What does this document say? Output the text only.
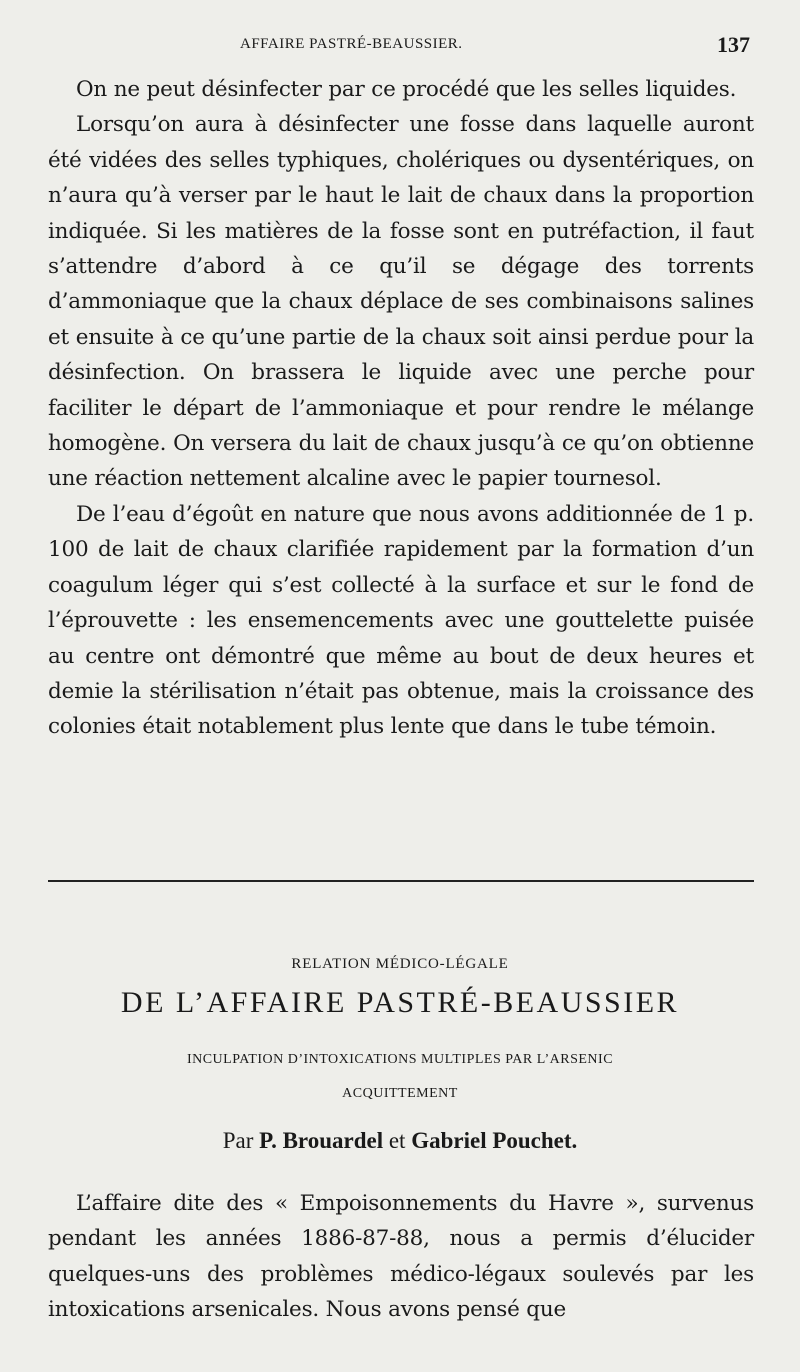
AFFAIRE PASTRÉ-BEAUSSIER.	137

On ne peut désinfecter par ce procédé que les selles liquides.

Lorsqu’on aura à désinfecter une fosse dans laquelle auront été vidées des selles typhiques, cholériques ou dysentériques, on n’aura qu’à verser par le haut le lait de chaux dans la proportion indiquée. Si les matières de la fosse sont en putréfaction, il faut s’attendre d’abord à ce qu’il se dégage des torrents d’ammoniaque que la chaux déplace de ses combinaisons salines et ensuite à ce qu’une partie de la chaux soit ainsi perdue pour la désinfection. On brassera le liquide avec une perche pour faciliter le départ de l’ammoniaque et pour rendre le mélange homogène. On versera du lait de chaux jusqu’à ce qu’on obtienne une réaction nettement alcaline avec le papier tournesol.

De l’eau d’égoût en nature que nous avons additionnée de 1 p. 100 de lait de chaux clarifiée rapidement par la formation d’un coagulum léger qui s’est collecté à la surface et sur le fond de l’éprouvette : les ensemencements avec une gouttelette puisée au centre ont démontré que même au bout de deux heures et demie la stérilisation n’était pas obtenue, mais la croissance des colonies était notablement plus lente que dans le tube témoin.

RELATION MÉDICO-LÉGALE
DE L’AFFAIRE PASTRÉ-BEAUSSIER
INCULPATION D’INTOXICATIONS MULTIPLES PAR L’ARSENIC
ACQUITTEMENT
Par P. Brouardel et Gabriel Pouchet.

L’affaire dite des « Empoisonnements du Havre », survenus pendant les années 1886-87-88, nous a permis d’élucider quelques-uns des problèmes médico-légaux soulevés par les intoxications arsenicales. Nous avons pensé que
